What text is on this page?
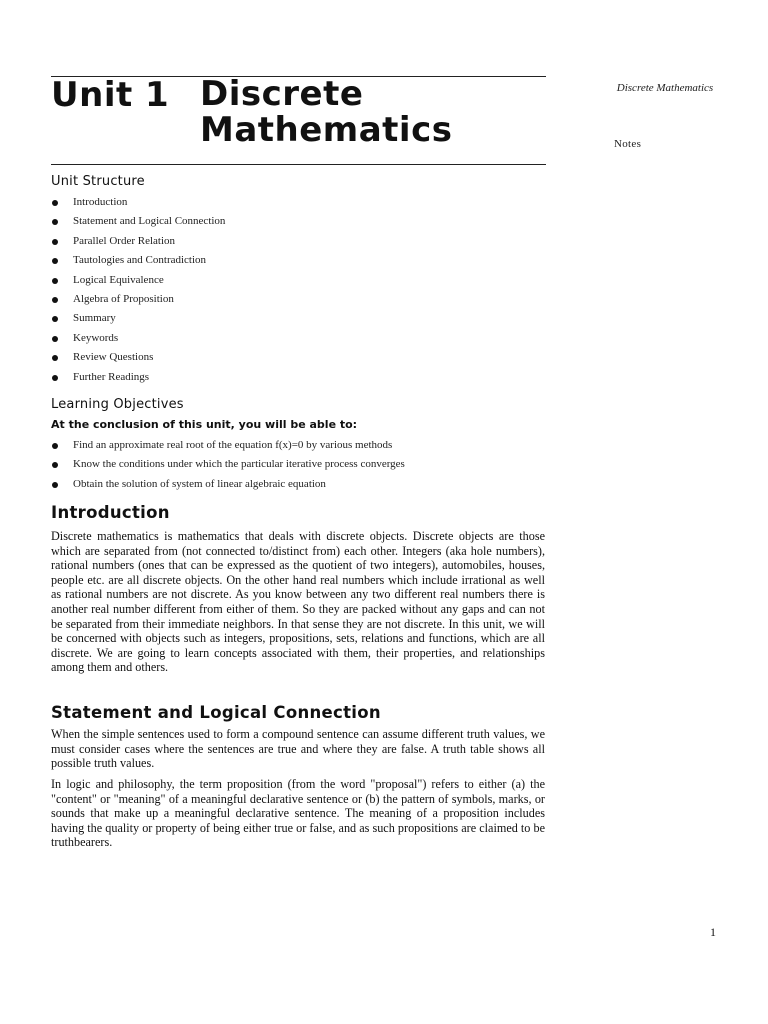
Unit 1 Discrete Mathematics
Discrete Mathematics
Notes
Unit Structure
Introduction
Statement and Logical Connection
Parallel Order Relation
Tautologies and Contradiction
Logical Equivalence
Algebra of Proposition
Summary
Keywords
Review Questions
Further Readings
Learning Objectives
At the conclusion of this unit, you will be able to:
Find an approximate real root of the equation f(x)=0 by various methods
Know the conditions under which the particular iterative process converges
Obtain the solution of system of linear algebraic equation
Introduction
Discrete mathematics is mathematics that deals with discrete objects. Discrete objects are those which are separated from (not connected to/distinct from) each other. Integers (aka hole numbers), rational numbers (ones that can be expressed as the quotient of two integers), automobiles, houses, people etc. are all discrete objects. On the other hand real numbers which include irrational as well as rational numbers are not discrete. As you know between any two different real numbers there is another real number different from either of them. So they are packed without any gaps and can not be separated from their immediate neighbors. In that sense they are not discrete. In this unit, we will be concerned with objects such as integers, propositions, sets, relations and functions, which are all discrete. We are going to learn concepts associated with them, their properties, and relationships among them and others.
Statement and Logical Connection
When the simple sentences used to form a compound sentence can assume different truth values, we must consider cases where the sentences are true and where they are false. A truth table shows all possible truth values.
In logic and philosophy, the term proposition (from the word "proposal") refers to either (a) the "content" or "meaning" of a meaningful declarative sentence or (b) the pattern of symbols, marks, or sounds that make up a meaningful declarative sentence. The meaning of a proposition includes having the quality or property of being either true or false, and as such propositions are claimed to be truthbearers.
1
